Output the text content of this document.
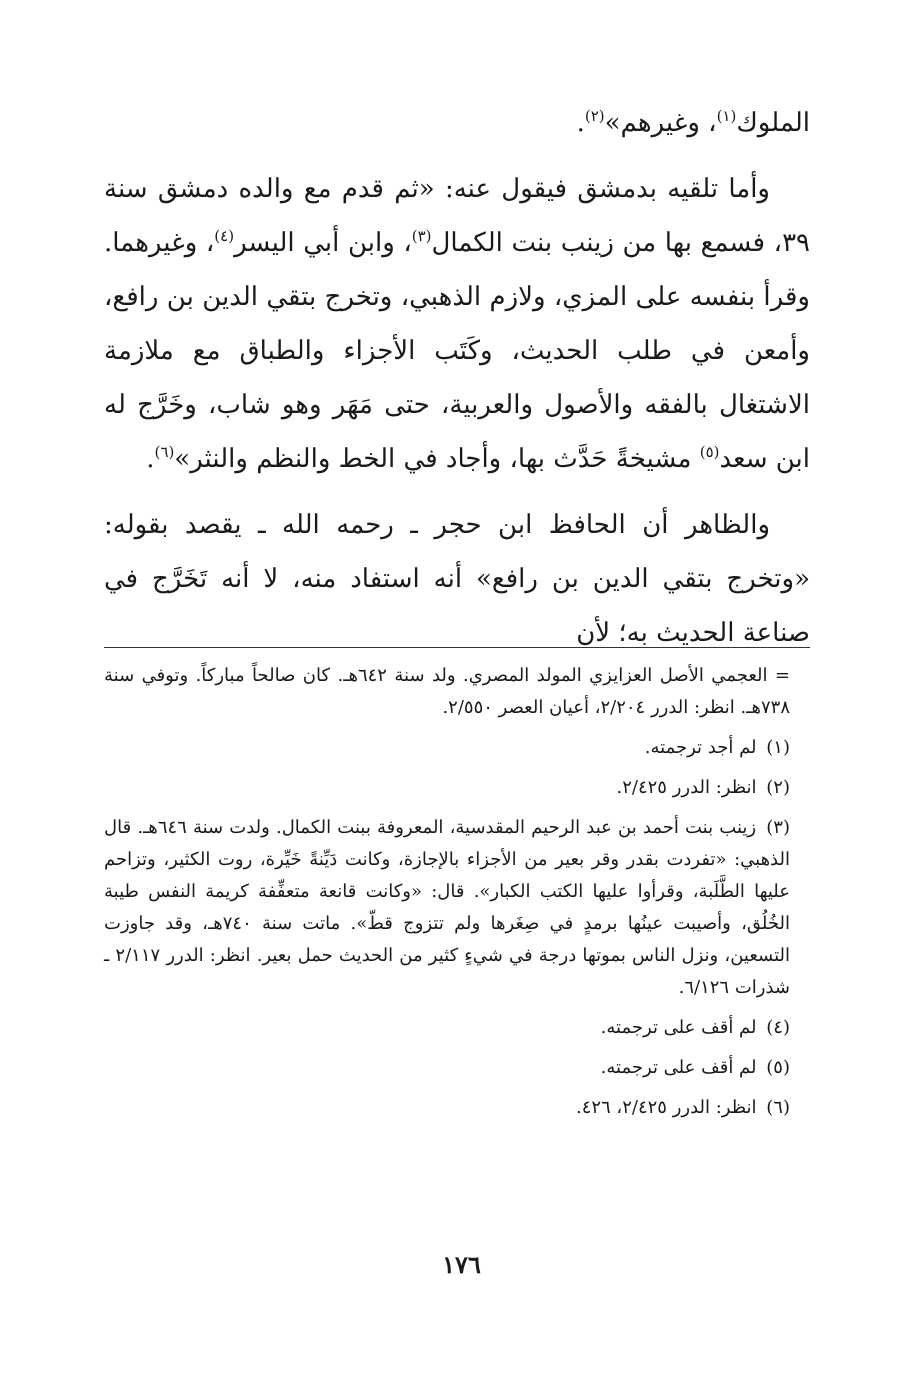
الملوك$^{(١)}$، وغيرهم»$^{(٢)}$.

وأما تلقيه بدمشق فيقول عنه: «ثم قدم مع والده دمشق سنة ٣٩، فسمع بها من زينب بنت الكمال$^{(٣)}$، وابن أبي اليسر$^{(٤)}$، وغيرهما. وقرأ بنفسه على المزي، ولازم الذهبي، وتخرج بتقي الدين بن رافع، وأمعن في طلب الحديث، وكَتَب الأجزاء والطباق مع ملازمة الاشتغال بالفقه والأصول والعربية، حتى مَهَر وهو شاب، وخَرَّج له ابن سعد$^{(٥)}$ مشيخةً حَدَّث بها، وأجاد في الخط والنظم والنثر»$^{(٦)}$.

والظاهر أن الحافظ ابن حجر ـ رحمه الله ـ يقصد بقوله: «وتخرج بتقي الدين بن رافع» أنه استفاد منه، لا أنه تَخَرَّج في صناعة الحديث به؛ لأن

= العجمي الأصل العزايزي المولد المصري. ولد سنة ٦٤٢هـ. كان صالحاً مباركاً. وتوفي سنة ٧٣٨هـ. انظر: الدرر ٢/٢٠٤، أعيان العصر ٢/٥٥٠.

(١) لم أجد ترجمته.

(٢) انظر: الدرر ٢/٤٢٥.

(٣) زينب بنت أحمد بن عبد الرحيم المقدسية، المعروفة ببنت الكمال. ولدت سنة ٦٤٦هـ. قال الذهبي: «تفردت بقدر وقر بعير من الأجزاء بالإجازة، وكانت دَيِّنةً خَيِّرة، روت الكثير، وتزاحم عليها الطَّلَبة، وقرأوا عليها الكتب الكبار». قال: «وكانت قانعة متعفِّفة كريمة النفس طيبة الخُلُق، وأصيبت عينُها برمدٍ في صِغَرها ولم تتزوج قطّ». ماتت سنة ٧٤٠هـ، وقد جاوزت التسعين، ونزل الناس بموتها درجة في شيءٍ كثير من الحديث حمل بعير. انظر: الدرر ٢/١١٧ ـ شذرات ٦/١٢٦.

(٤) لم أقف على ترجمته.

(٥) لم أقف على ترجمته.

(٦) انظر: الدرر ٢/٤٢٥، ٤٢٦.

١٧٦
